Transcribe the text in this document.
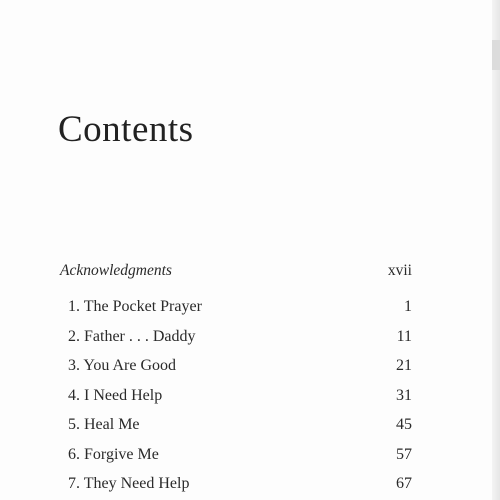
Contents
Acknowledgments	xvii
1. The Pocket Prayer	1
2. Father . . . Daddy	11
3. You Are Good	21
4. I Need Help	31
5. Heal Me	45
6. Forgive Me	57
7. They Need Help	67
